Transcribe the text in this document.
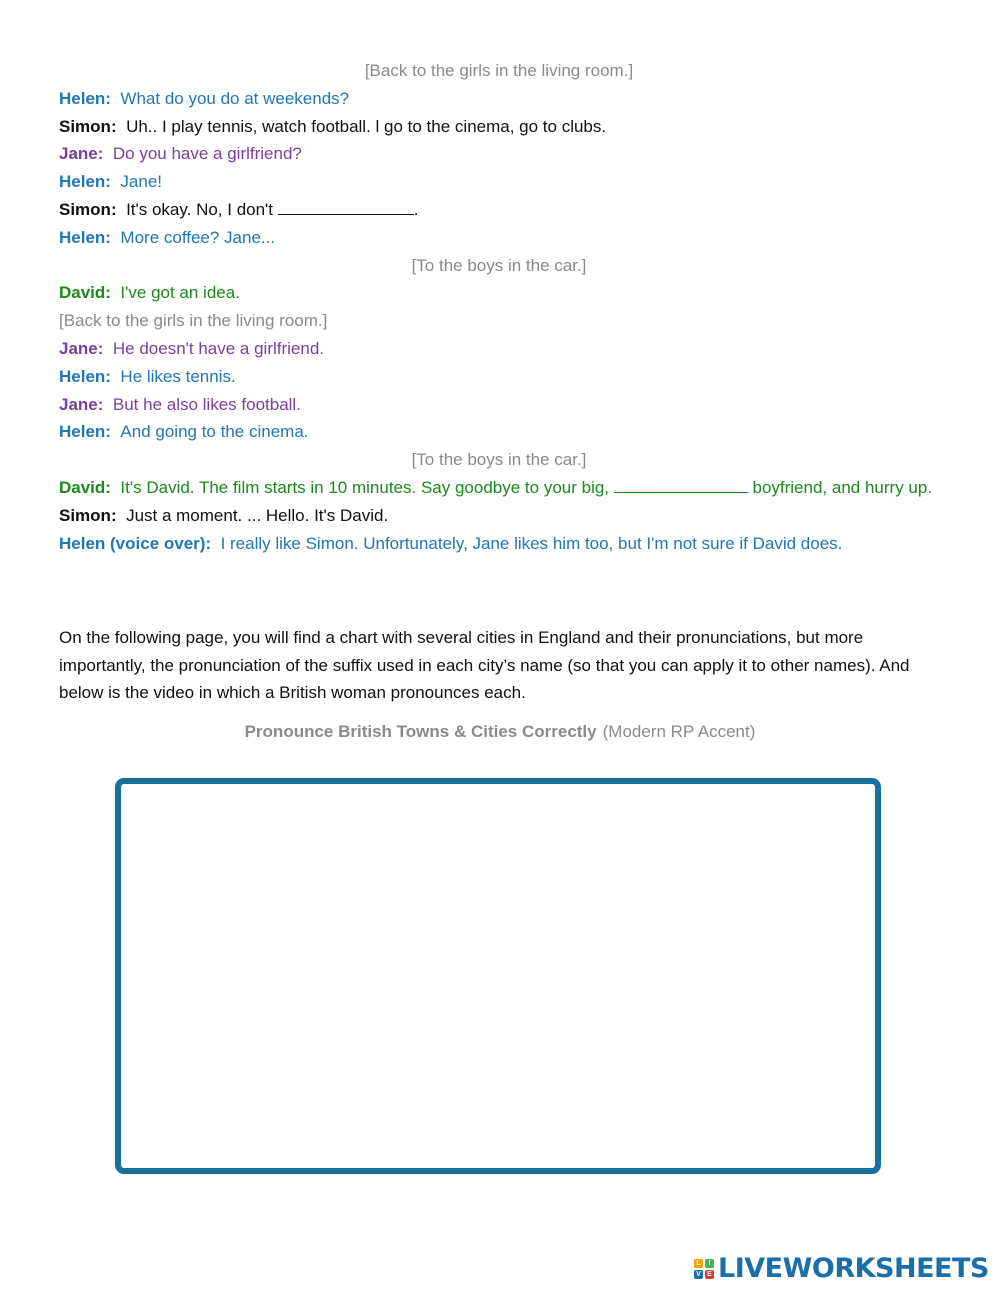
[Back to the girls in the living room.]
Helen: What do you do at weekends?
Simon: Uh.. I play tennis, watch football. l go to the cinema, go to clubs.
Jane: Do you have a girlfriend?
Helen: Jane!
Simon: It's okay. No, I don't	.
Helen: More coffee? Jane...
[To the boys in the car.]
David: I've got an idea.
[Back to the girls in the living room.]
Jane: He doesn't have a girlfriend.
Helen: He likes tennis.
Jane: But he also likes football.
Helen: And going to the cinema.
[To the boys in the car.]
David: It's David. The film starts in 10 minutes. Say goodbye to your big,	boyfriend, and hurry up.
Simon: Just a moment. ... Hello. It's David.
Helen (voice over): I really like Simon. Unfortunately, Jane likes him too, but I'm not sure if David does.
On the following page, you will find a chart with several cities in England and their pronunciations, but more importantly, the pronunciation of the suffix used in each city’s name (so that you can apply it to other names). And below is the video in which a British woman pronounces each.
Pronounce British Towns & Cities Correctly (Modern RP Accent)
L	I
V E LIVEWORKSHEETS
